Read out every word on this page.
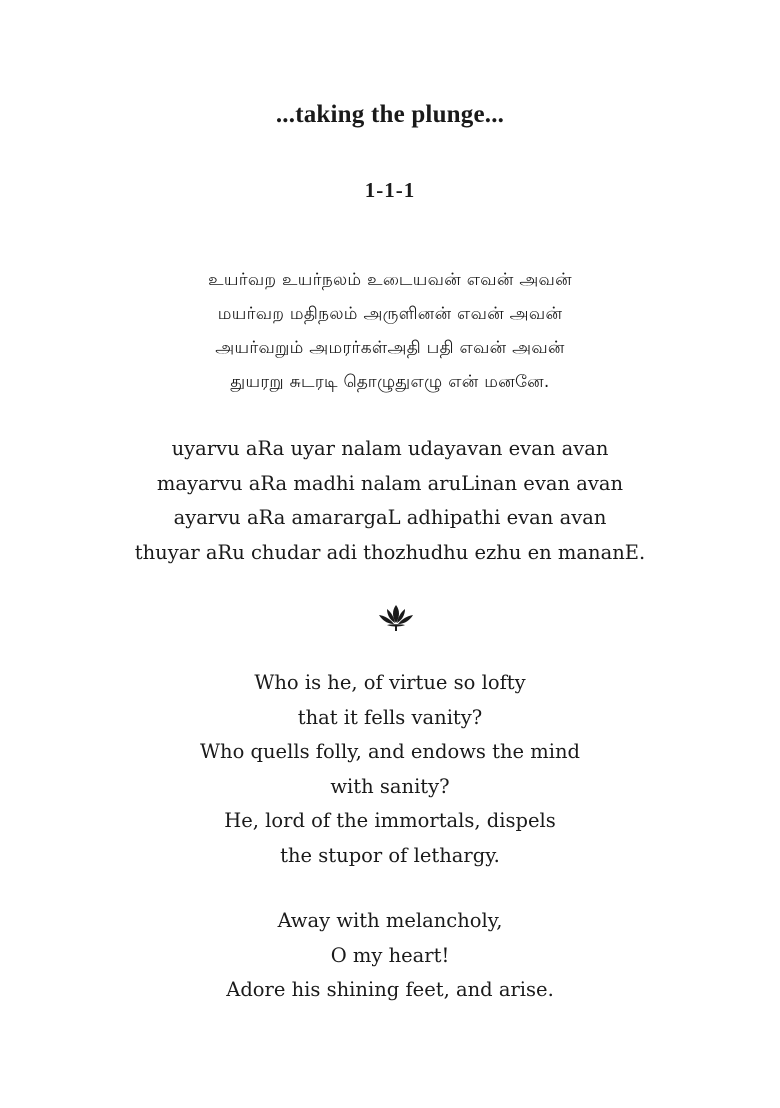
...taking the plunge...
1-1-1
உயர்வற உயர்நலம் உடையவன் எவன் அவன்
மயர்வற மதிநலம் அருளினன் எவன் அவன்
அயர்வறும் அமரர்கள்அதி பதி எவன் அவன்
துயரறு சுடரடி தொழுதுஎழு என் மனனே.
uyarvu aRa uyar nalam udayavan evan avan
mayarvu aRa madhi nalam aruLinan evan avan
ayarvu aRa amarargaL adhipathi evan avan
thuyar aRu chudar adi thozhudhu ezhu en mananE.
Who is he, of virtue so lofty
that it fells vanity?
Who quells folly, and endows the mind
with sanity?
He, lord of the immortals, dispels
the stupor of lethargy.
Away with melancholy,
O my heart!
Adore his shining feet, and arise.
